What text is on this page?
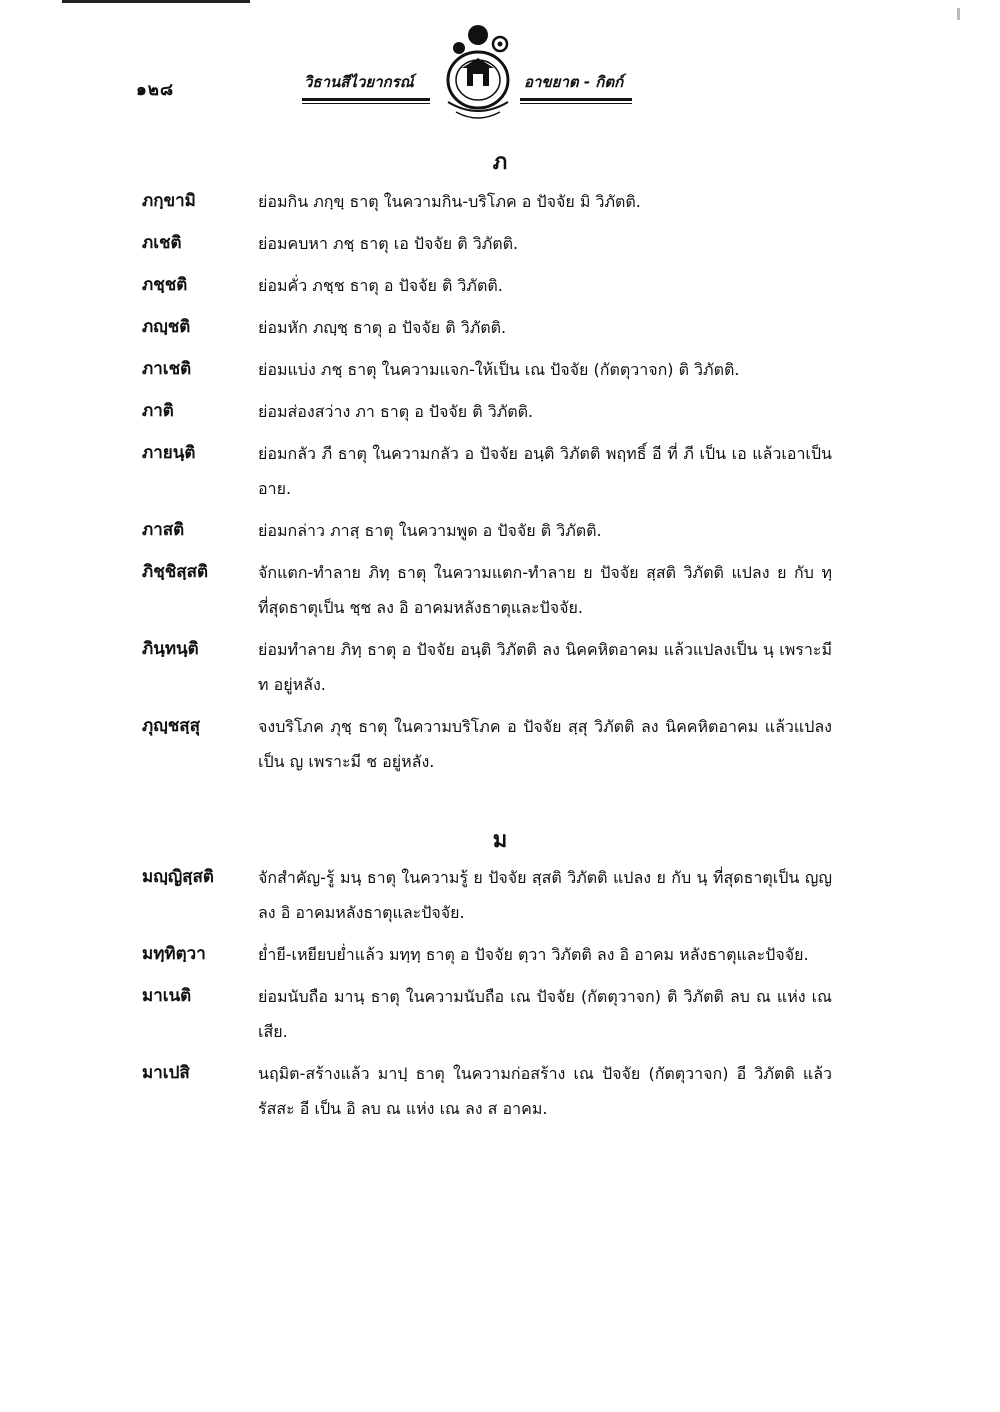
๑๒๘	วิธานสีไวยากรณ์	อาขยาต - กิตก์
ภ
ภกฺขามิ	ย่อมกิน ภกฺขฺ ธาตุ ในความกิน-บริโภค อ ปัจจัย มิ วิภัตติ.
ภเชติ	ย่อมคบหา ภชฺ ธาตุ เอ ปัจจัย ติ วิภัตติ.
ภชฺชติ	ย่อมคั่ว ภชฺช ธาตุ อ ปัจจัย ติ วิภัตติ.
ภญฺชติ	ย่อมหัก ภญฺชฺ ธาตุ อ ปัจจัย ติ วิภัตติ.
ภาเชติ	ย่อมแบ่ง ภชฺ ธาตุ ในความแจก-ให้เป็น เณ ปัจจัย (กัตตุวาจก) ติ วิภัตติ.
ภาติ	ย่อมส่องสว่าง ภา ธาตุ อ ปัจจัย ติ วิภัตติ.
ภายนฺติ	ย่อมกลัว ภี ธาตุ ในความกลัว อ ปัจจัย อนฺติ วิภัตติ พฤทธิ์ อี ที่ ภี เป็น เอ แล้วเอาเป็น อาย.
ภาสติ	ย่อมกล่าว ภาสฺ ธาตุ ในความพูด อ ปัจจัย ติ วิภัตติ.
ภิชฺชิสฺสติ	จักแตก-ทำลาย ภิทฺ ธาตุ ในความแตก-ทำลาย ย ปัจจัย สฺสติ วิภัตติ แปลง ย กับ ทฺ ที่สุดธาตุเป็น ชฺช ลง อิ อาคมหลังธาตุและปัจจัย.
ภินฺทนฺติ	ย่อมทำลาย ภิทฺ ธาตุ อ ปัจจัย อนฺติ วิภัตติ ลง นิคคหิตอาคม แล้วแปลงเป็น นฺ เพราะมี ท อยู่หลัง.
ภุญฺชสฺสุ	จงบริโภค ภุชฺ ธาตุ ในความบริโภค อ ปัจจัย สฺสุ วิภัตติ ลง นิคคหิตอาคม แล้วแปลงเป็น ญ เพราะมี ช อยู่หลัง.
ม
มญฺญิสฺสติ	จักสำคัญ-รู้ มนฺ ธาตุ ในความรู้ ย ปัจจัย สฺสติ วิภัตติ แปลง ย กับ นฺ ที่สุดธาตุเป็น ญญ ลง อิ อาคมหลังธาตุและปัจจัย.
มทฺทิตฺวา	ย่ำยี-เหยียบย่ำแล้ว มทฺทฺ ธาตุ อ ปัจจัย ตฺวา วิภัตติ ลง อิ อาคม หลังธาตุและปัจจัย.
มาเนติ	ย่อมนับถือ มานฺ ธาตุ ในความนับถือ เณ ปัจจัย (กัตตุวาจก) ติ วิภัตติ ลบ ณ แห่ง เณ เสีย.
มาเปสิ	นฤมิต-สร้างแล้ว มาปฺ ธาตุ ในความก่อสร้าง เณ ปัจจัย (กัตตุวาจก) อี วิภัตติ แล้ว รัสสะ อี เป็น อิ ลบ ณ แห่ง เณ ลง ส อาคม.
